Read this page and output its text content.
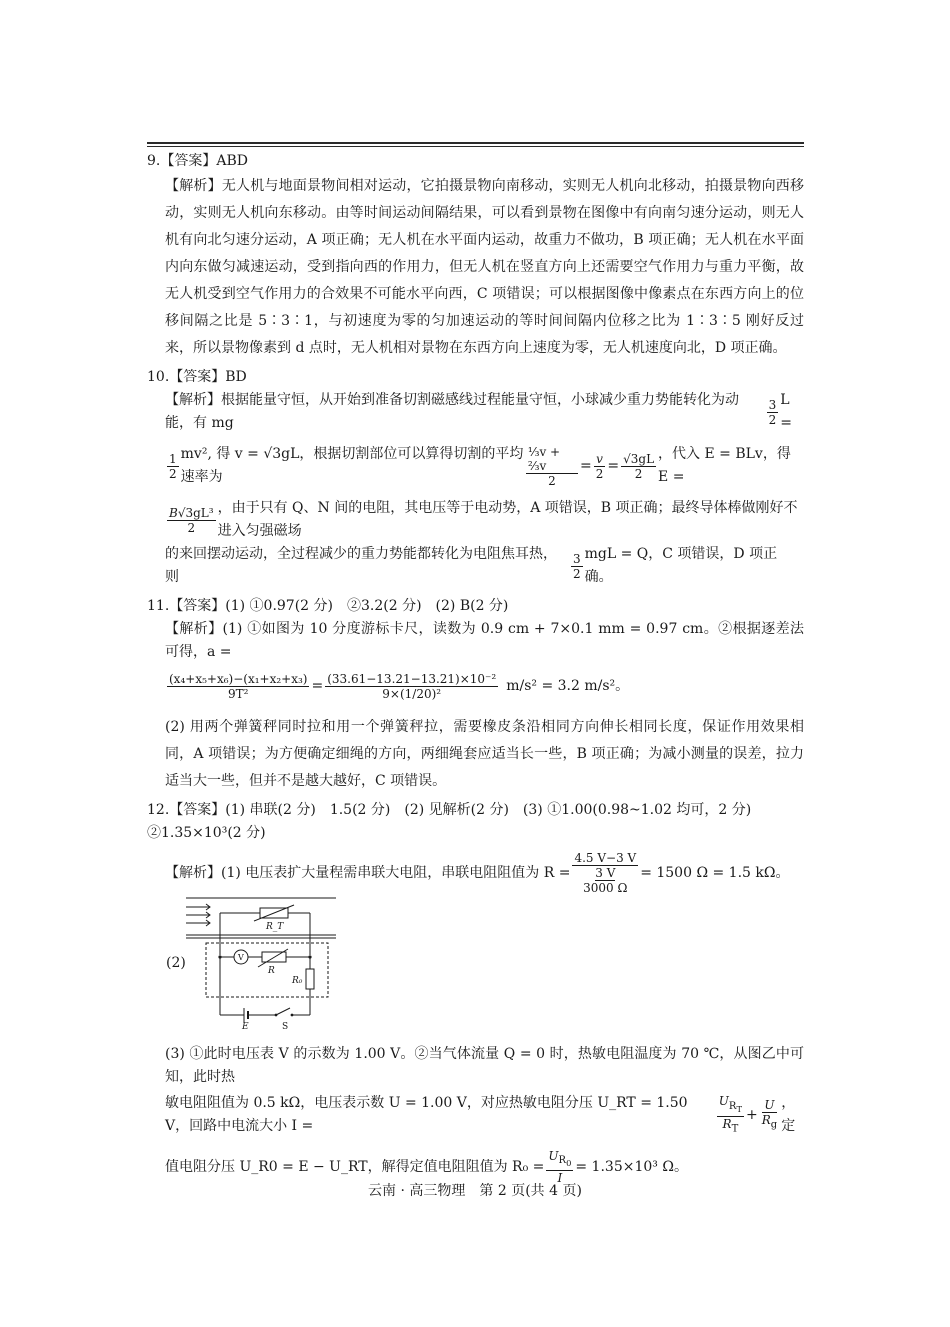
9.【答案】ABD

【解析】无人机与地面景物间相对运动，它拍摄景物向南移动，实则无人机向北移动，拍摄景物向西移动，实则无人机向东移动。由等时间运动间隔结果，可以看到景物在图像中有向南匀速分运动，则无人机有向北匀速分运动，A 项正确；无人机在水平面内运动，故重力不做功，B 项正确；无人机在水平面内向东做匀减速运动，受到指向西的作用力，但无人机在竖直方向上还需要空气作用力与重力平衡，故无人机受到空气作用力的合效果不可能水平向西，C 项错误；可以根据图像中像素点在东西方向上的位移间隔之比是 5∶3∶1，与初速度为零的匀加速运动的等时间间隔内位移之比为 1∶3∶5 刚好反过来，所以景物像素到 d 点时，无人机相对景物在东西方向上速度为零，无人机速度向北，D 项正确。

10.【答案】BD

【解析】根据能量守恒，从开始到准备切割磁感线过程能量守恒，小球减少重力势能转化为动能，有 mg	$\frac{3}{2}$ L =
$\frac{1}{2} mv^2$, 得 v = √3gL，根据切割部位可以算得切割的平均速率为	$\frac{\text{⅓v + ⅔v}}{2} = \frac{v}{2} = \frac{√3gL}{2}$ ，代入 E = BLv，得 E =
$\frac{\text{B√3gL³}}{2}$ ，由于只有 Q、N 间的电阻，其电压等于电动势，A 项错误，B 项正确；最终导体棒做刚好不进入匀强磁场
的来回摆动运动，全过程减少的重力势能都转化为电阻焦耳热，则	$\frac{3}{2}$ mgL = Q，C 项错误，D 项正确。

11.【答案】(1) ①0.97(2 分)　②3.2(2 分)　(2) B(2 分)

【解析】(1) ①如图为 10 分度游标卡尺，读数为 0.9 cm + 7×0.1 mm = 0.97 cm。②根据逐差法可得，a =

$\frac{\text{(x₄+x₅+x₆)−(x₁+x₂+x₃)}}{\text{9T²}} = \frac{\text{(33.61−13.21−13.21)×10⁻²}}{\text{9×(1/20)²}} m/s^2 = 3.2$ m/s²。

(2) 用两个弹簧秤同时拉和用一个弹簧秤拉，需要橡皮条沿相同方向伸长相同长度，保证作用效果相同，A 项错误；为方便确定细绳的方向，两细绳套应适当长一些，B 项正确；为减小测量的误差，拉力适当大一些，但并不是越大越好，C 项错误。

12.【答案】(1) 串联(2 分)　1.5(2 分)　(2) 见解析(2 分)　(3) ①1.00(0.98~1.02 均可，2 分)　②1.35×10³(2 分)

【解析】(1) 电压表扩大量程需串联大电阻，串联电阻阻值为 R = 4.5 V−3 V
3 V
3000 Ω = 1500 Ω = 1.5 kΩ。
(2)
R_T
V
R
R₀
E	S

(3) ①此时电压表 V 的示数为 1.00 V。②当气体流量 Q = 0 时，热敏电阻温度为 70 ℃，从图乙中可知，此时热

敏电阻阻值为 0.5 kΩ，电压表示数 U = 1.00 V，对应热敏电阻分压 U_RT = 1.50 V，回路中电流大小 I =	$\frac{U_{R_T}}{R_T} + \frac{U}{R_g}$ ，定
值电阻分压 U_R0 = E − U_RT，解得定值电阻阻值为 $R_0 = \frac{U_{R_0}}{I} = 1.35\times 10^3$ Ω。
云南 · 高三物理　第 2 页(共 4 页)
